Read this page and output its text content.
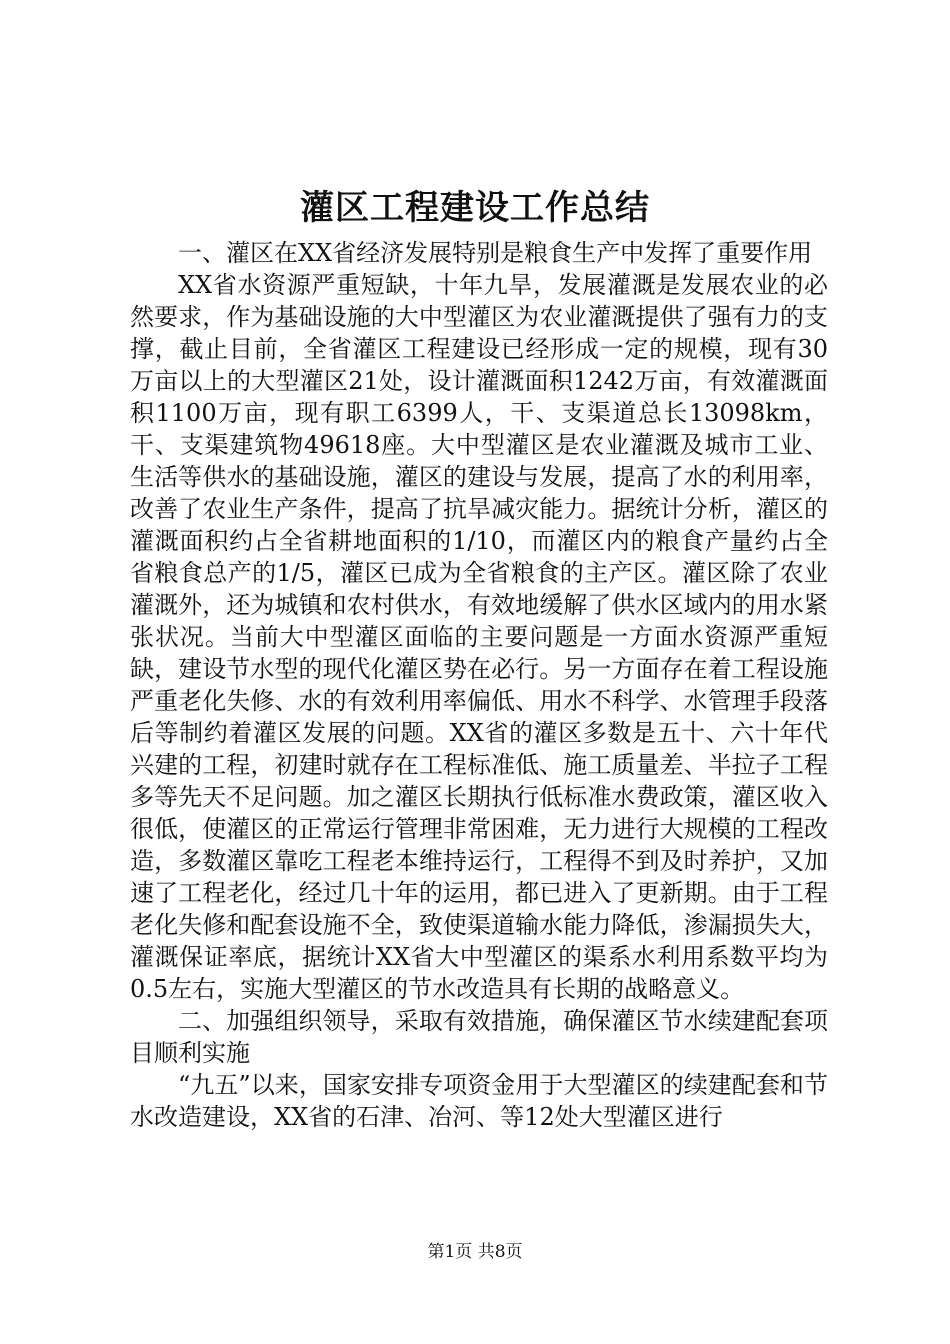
灌区工程建设工作总结

一、灌区在XX省经济发展特别是粮食生产中发挥了重要作用

XX省水资源严重短缺，十年九旱，发展灌溉是发展农业的必然要求，作为基础设施的大中型灌区为农业灌溉提供了强有力的支撑，截止目前，全省灌区工程建设已经形成一定的规模，现有30万亩以上的大型灌区21处，设计灌溉面积1242万亩，有效灌溉面积1100万亩，现有职工6399人，干、支渠道总长13098km，干、支渠建筑物49618座。大中型灌区是农业灌溉及城市工业、生活等供水的基础设施，灌区的建设与发展，提高了水的利用率，改善了农业生产条件，提高了抗旱减灾能力。据统计分析，灌区的灌溉面积约占全省耕地面积的1/10，而灌区内的粮食产量约占全省粮食总产的1/5，灌区已成为全省粮食的主产区。灌区除了农业灌溉外，还为城镇和农村供水，有效地缓解了供水区域内的用水紧张状况。当前大中型灌区面临的主要问题是一方面水资源严重短缺，建设节水型的现代化灌区势在必行。另一方面存在着工程设施严重老化失修、水的有效利用率偏低、用水不科学、水管理手段落后等制约着灌区发展的问题。XX省的灌区多数是五十、六十年代兴建的工程，初建时就存在工程标准低、施工质量差、半拉子工程多等先天不足问题。加之灌区长期执行低标准水费政策，灌区收入很低，使灌区的正常运行管理非常困难，无力进行大规模的工程改造，多数灌区靠吃工程老本维持运行，工程得不到及时养护，又加速了工程老化，经过几十年的运用，都已进入了更新期。由于工程老化失修和配套设施不全，致使渠道输水能力降低，渗漏损失大，灌溉保证率底，据统计XX省大中型灌区的渠系水利用系数平均为0.5左右，实施大型灌区的节水改造具有长期的战略意义。

二、加强组织领导，采取有效措施，确保灌区节水续建配套项目顺利实施

“九五”以来，国家安排专项资金用于大型灌区的续建配套和节水改造建设，XX省的石津、冶河、等12处大型灌区进行

第1页 共8页
